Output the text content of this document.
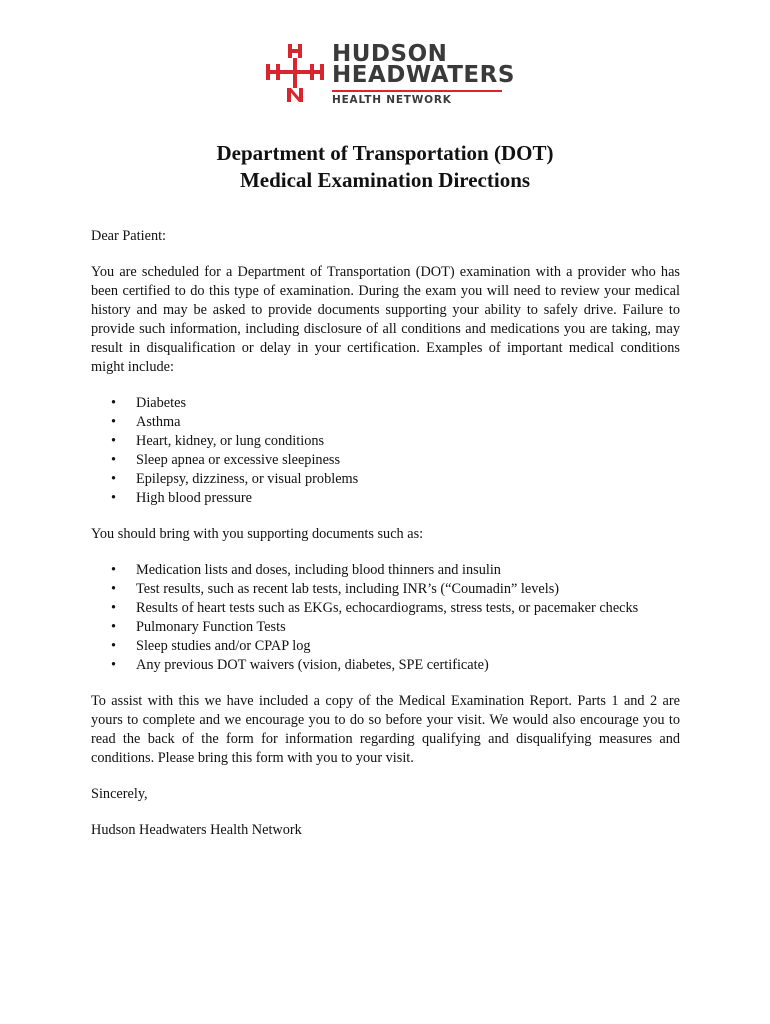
HUDSON
HEADWATERS
HEALTH NETWORK
Department of Transportation (DOT)
Medical Examination Directions

Dear Patient:

You are scheduled for a Department of Transportation (DOT) examination with a provider who has been certified to do this type of examination. During the exam you will need to review your medical history and may be asked to provide documents supporting your ability to safely drive. Failure to provide such information, including disclosure of all conditions and medications you are taking, may result in disqualification or delay in your certification. Examples of important medical conditions might include:

• Diabetes
• Asthma
• Heart, kidney, or lung conditions
• Sleep apnea or excessive sleepiness
• Epilepsy, dizziness, or visual problems
• High blood pressure

You should bring with you supporting documents such as:

• Medication lists and doses, including blood thinners and insulin
• Test results, such as recent lab tests, including INR’s (“Coumadin” levels)
• Results of heart tests such as EKGs, echocardiograms, stress tests, or pacemaker checks
• Pulmonary Function Tests
• Sleep studies and/or CPAP log
• Any previous DOT waivers (vision, diabetes, SPE certificate)

To assist with this we have included a copy of the Medical Examination Report. Parts 1 and 2 are yours to complete and we encourage you to do so before your visit. We would also encourage you to read the back of the form for information regarding qualifying and disqualifying measures and conditions. Please bring this form with you to your visit.

Sincerely,

Hudson Headwaters Health Network
